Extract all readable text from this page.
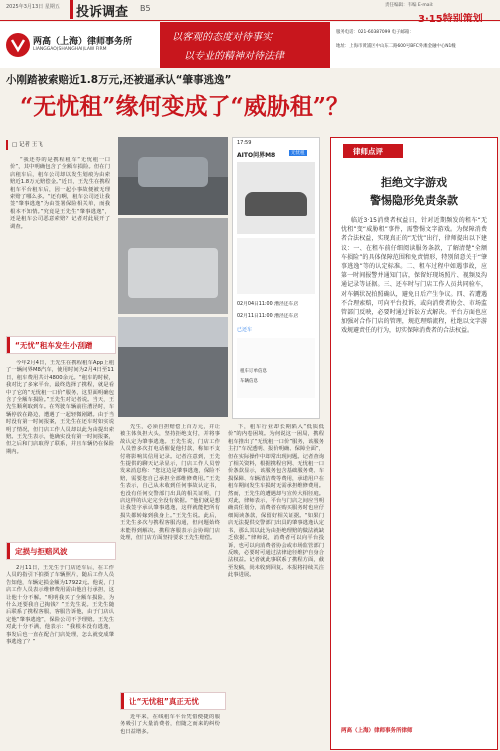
2025年3月13日 星期五	投诉调查 B5	责任编辑：韦编 E-mail:
两高（上海）律师事务所
LIANGGAO(SHANGHAI)LAW FIRM
以客观的态度对待事实
以专业的精神对待法律
服务电话：021-60387099 电子邮箱：
地址：上海市黄浦区中山东二路600号BFC外滩金融中心N1幢
小刚踏被索赔近1.8万元,还被逼承认“肇事逃逸”
“无忧租”缘何变成了“威胁租”？
□ 记者 王飞

“我还券的是携程租车“无忧租一口价”，其中明确包含了全额车损险。但在门店租车后，租车公司却以发生划痕为由索赔近1.8万元赔偿金。”近日，王先生在携程租车平台租车后，因一起小事故便被无理索赔了哪么多。“还有啊，租车公司还让我签“肇事逃逸”为由签署保险相关单，而我根本不知情。”究竟是王先生“肇事逃逸”，还是租车公司恶意索赔？记者对此展开了调查。

“无忧”租车发生小刮蹭

今年2月4日，王先生在携程租车App上租了一辆问界M8汽车，使用时间为2月4日至11日，租车费用共计4800余元。“租车的时候，我对比了多家平台，最终选择了携程，就是看中了它的“无忧租一口价”服务，这里面明确包含了全额车损险。”王先生对记者说。当天，王先生顺利取到车。在驾驶车辆前往漕泾时，车辆停放在路边，遭遇了一起轻微剐蹭。由于当时没有第一时间报案，王先生在还车时如实说明了情况，但门店工作人员却以此为由提出索赔。王先生表示，他确实没有第一时间报案，但之后和门店取得了联系，并且车辆仍在保险期内。

定损与拒赔风波

2月11日，王先生于门店还车后，在工作人员的指引下拍摄了车辆照片，随后工作人员告知他，车辆定损金额为17922元。他说，门店工作人员表示维修费用需由他自行承担，这让他十分不解。“明明我买了全额车损险，为什么还要我自己掏钱？”王先生说。王先生随后联系了携程客服，客服告诉他，由于门店认定他“肇事逃逸”，保险公司不予理赔。王先生对此十分不满，他表示：“我根本没有逃逸，事发后也一直在配合门店处理，怎么就变成肇事逃逸了？”

17:59
AITO问界M8	无忧租
02月04日11:00 漕泾还车店
02月11日11:00 漕泾还车店
已还车
租车订单信息
车辆信息

先生，必须自担赔偿上百万元，并让被主体负担大头，坚持拒绝支付，并将事故认定为肇事逃逸。王先生说，门店工作人员曾多次打电话催促他付款，称如不支付将影响其信用记录。记者注意到，王先生提供的聊天记录显示，门店工作人员曾发来消息称：“您这边是肇事逃逸，保险不赔，需要您自己承担全部维修费用。”王先生表示，自己从未收到任何事故认定书，也没有任何交警部门出具的相关证明，门店这样的认定完全没有依据。“他们就是想让我签字承认肇事逃逸，这样就能把所有损失都转嫁到我身上。”王先生说。此后，王先生多次与携程客服沟通，但问题始终未能得到解决。携程客服表示会协调门店处理，但门店方面坚持要求王先生赔偿。

让“无忧租”真正无忧

近年来，在线租车平台凭借便捷的服务吸引了大量消费者，但随之而来的纠纷也日益增多。

下，租车行业却长期陷入“低质低价”的内卷困境。为何说这一困局，携程租车推出了“无忧租一口价”服务，该服务主打“车况透明、报价明确、保障全面”，但在实际操作中却常出现问题。记者查询了相关资料，根据携程官网、无忧租一口价条款显示，该服务包含基础服务费、车损保障、车辆清洁费等费用，承诺用户在租车期间发生车损时无需承担维修费用。然而，王先生的遭遇却与宣传大相径庭。对此，律师表示，平台与门店之间应当明确责任划分，消费者在购买服务时也应仔细阅读条款，保留好相关证据。“如果门店无法提供交警部门出具的肇事逃逸认定书，那么其以此为由拒绝理赔的做法就缺乏依据。”律师说，消费者可以向平台投诉，也可以向消费者协会或市场监管部门反映，必要时可通过法律途径维护自身合法权益。记者就此事联系了携程方面，截至发稿，尚未收到回复。本报将持续关注此事进展。

律师点评
拒绝文字游戏
警惕隐形免责条款

临近3·15消费者权益日，针对近期频发的租车“无忧租”变“威胁租”事件，需警惕文字游戏。为保障消费者合法权益，实现真正的“无忧”出行，律师提出以下建议：一、在租车前仔细阅读服务条款，了解清楚“全额车损险”的具体保障范围和免责情形，特别留意关于“肇事逃逸”等的认定标准。二、租车过程中如遇事故，应第一时间报警并通知门店，保留好现场照片、视频及沟通记录等证据。三、还车时与门店工作人员共同验车，对车辆状况拍照确认，避免日后产生争议。四、若遭遇不合理索赔，可向平台投诉，或向消费者协会、市场监管部门反映，必要时通过诉讼方式解决。平台方面也应加强对合作门店的管理，规范理赔流程，杜绝以文字游戏规避责任的行为，切实保障消费者的合法权益。

两高（上海）律师事务所律师
